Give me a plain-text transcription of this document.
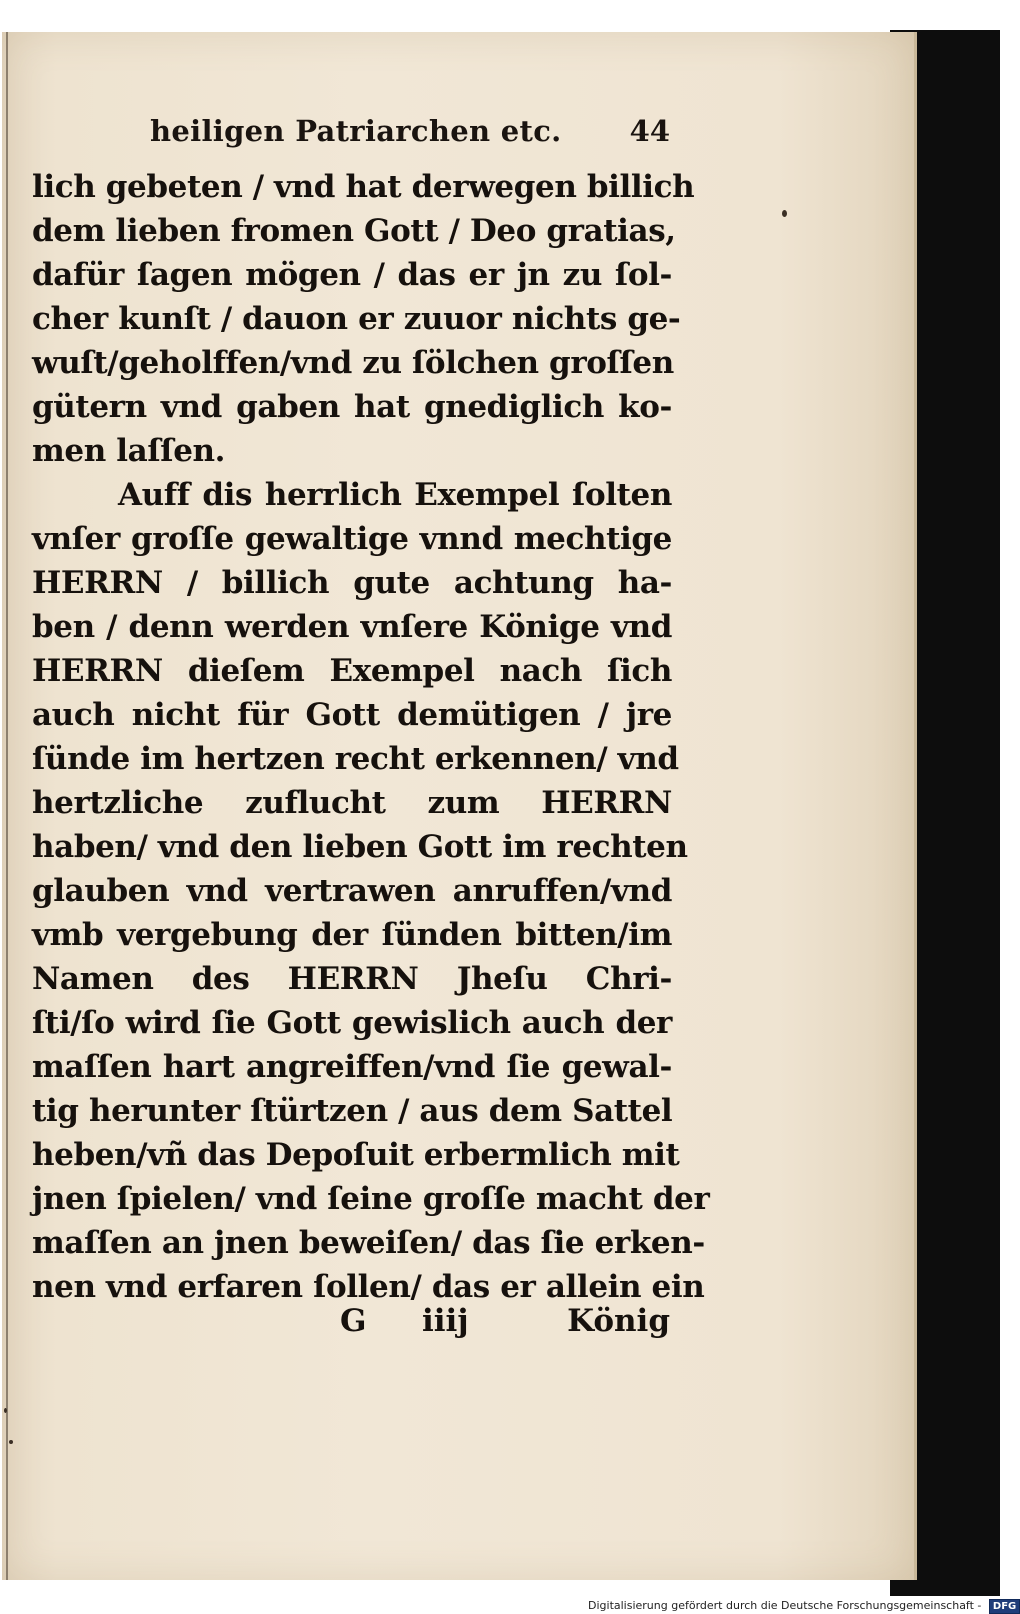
heiligen Patriarchen etc. 44
lich gebeten / vnd hat derwegen billich
dem lieben fromen Gott / Deo gratias,
dafür ſagen mögen / das er jn zu ſol-
cher kunſt / dauon er zuuor nichts ge-
wuſt/geholffen/vnd zu ſölchen groſſen
gütern vnd gaben hat gnediglich ko-
men laſſen.
Auff dis herrlich Exempel ſolten
vnſer groſſe gewaltige vnnd mechtige
HERRN / billich gute achtung ha-
ben / denn werden vnſere Könige vnd
HERRN dieſem Exempel nach ſich
auch nicht für Gott demütigen / jre
ſünde im hertzen recht erkennen/ vnd
hertzliche zuflucht zum HERRN
haben/ vnd den lieben Gott im rechten
glauben vnd vertrawen anruffen/vnd
vmb vergebung der ſünden bitten/im
Namen des HERRN Jheſu Chri-
ſti/ſo wird ſie Gott gewislich auch der
maſſen hart angreiffen/vnd ſie gewal-
tig herunter ſtürtzen / aus dem Sattel
heben/vñ das Depoſuit erbermlich mit
jnen ſpielen/ vnd ſeine groſſe macht der
maſſen an jnen beweiſen/ das ſie erken-
nen vnd erfaren ſollen/ das er allein ein
G iiij	König
Digitalisierung gefördert durch die Deutsche Forschungsgemeinschaft - DFG
